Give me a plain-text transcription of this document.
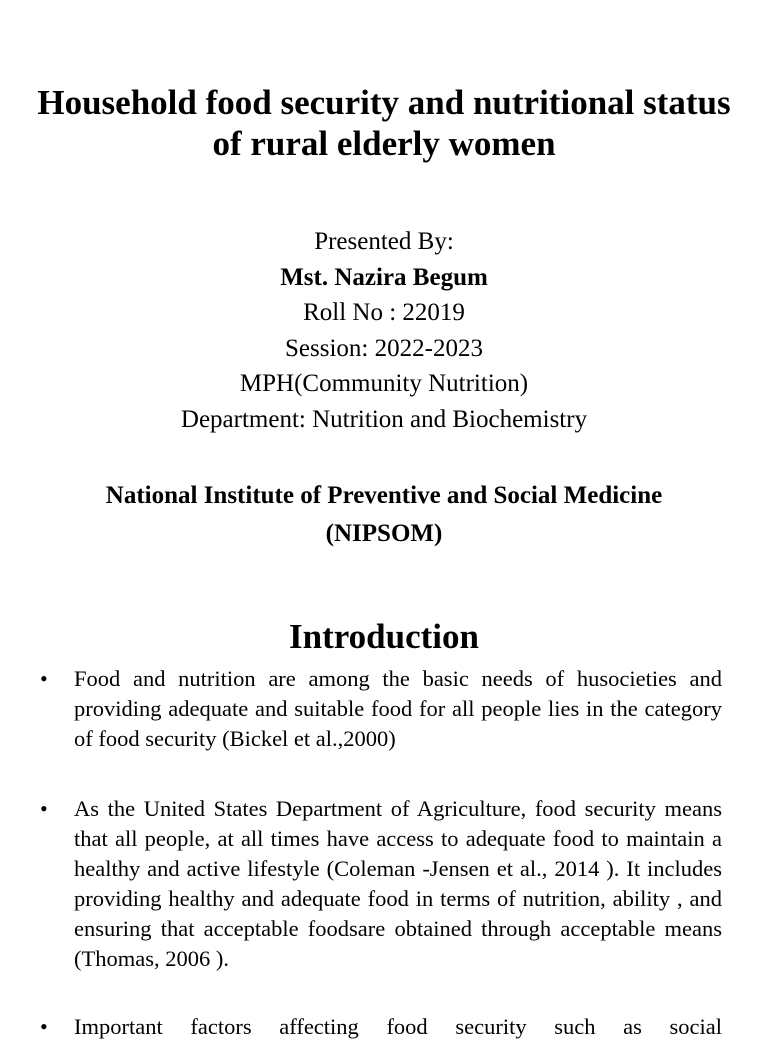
Household food security and nutritional status of rural elderly women
Presented By:
Mst. Nazira Begum
Roll No : 22019
Session: 2022-2023
MPH(Community Nutrition)
Department: Nutrition and Biochemistry
National Institute of Preventive and Social Medicine
(NIPSOM)
Introduction
• Food and nutrition are among the basic needs of husocieties and providing adequate and suitable food for all people lies in the category of food security (Bickel et al.,2000)
• As the United States Department of Agriculture, food security means that all people, at all times have access to adequate food to maintain a healthy and active lifestyle (Coleman -Jensen et al., 2014 ). It includes providing healthy and adequate food in terms of nutrition, ability , and ensuring that acceptable foodsare obtained through acceptable means (Thomas, 2006 ).
• Important factors affecting food security such as social
